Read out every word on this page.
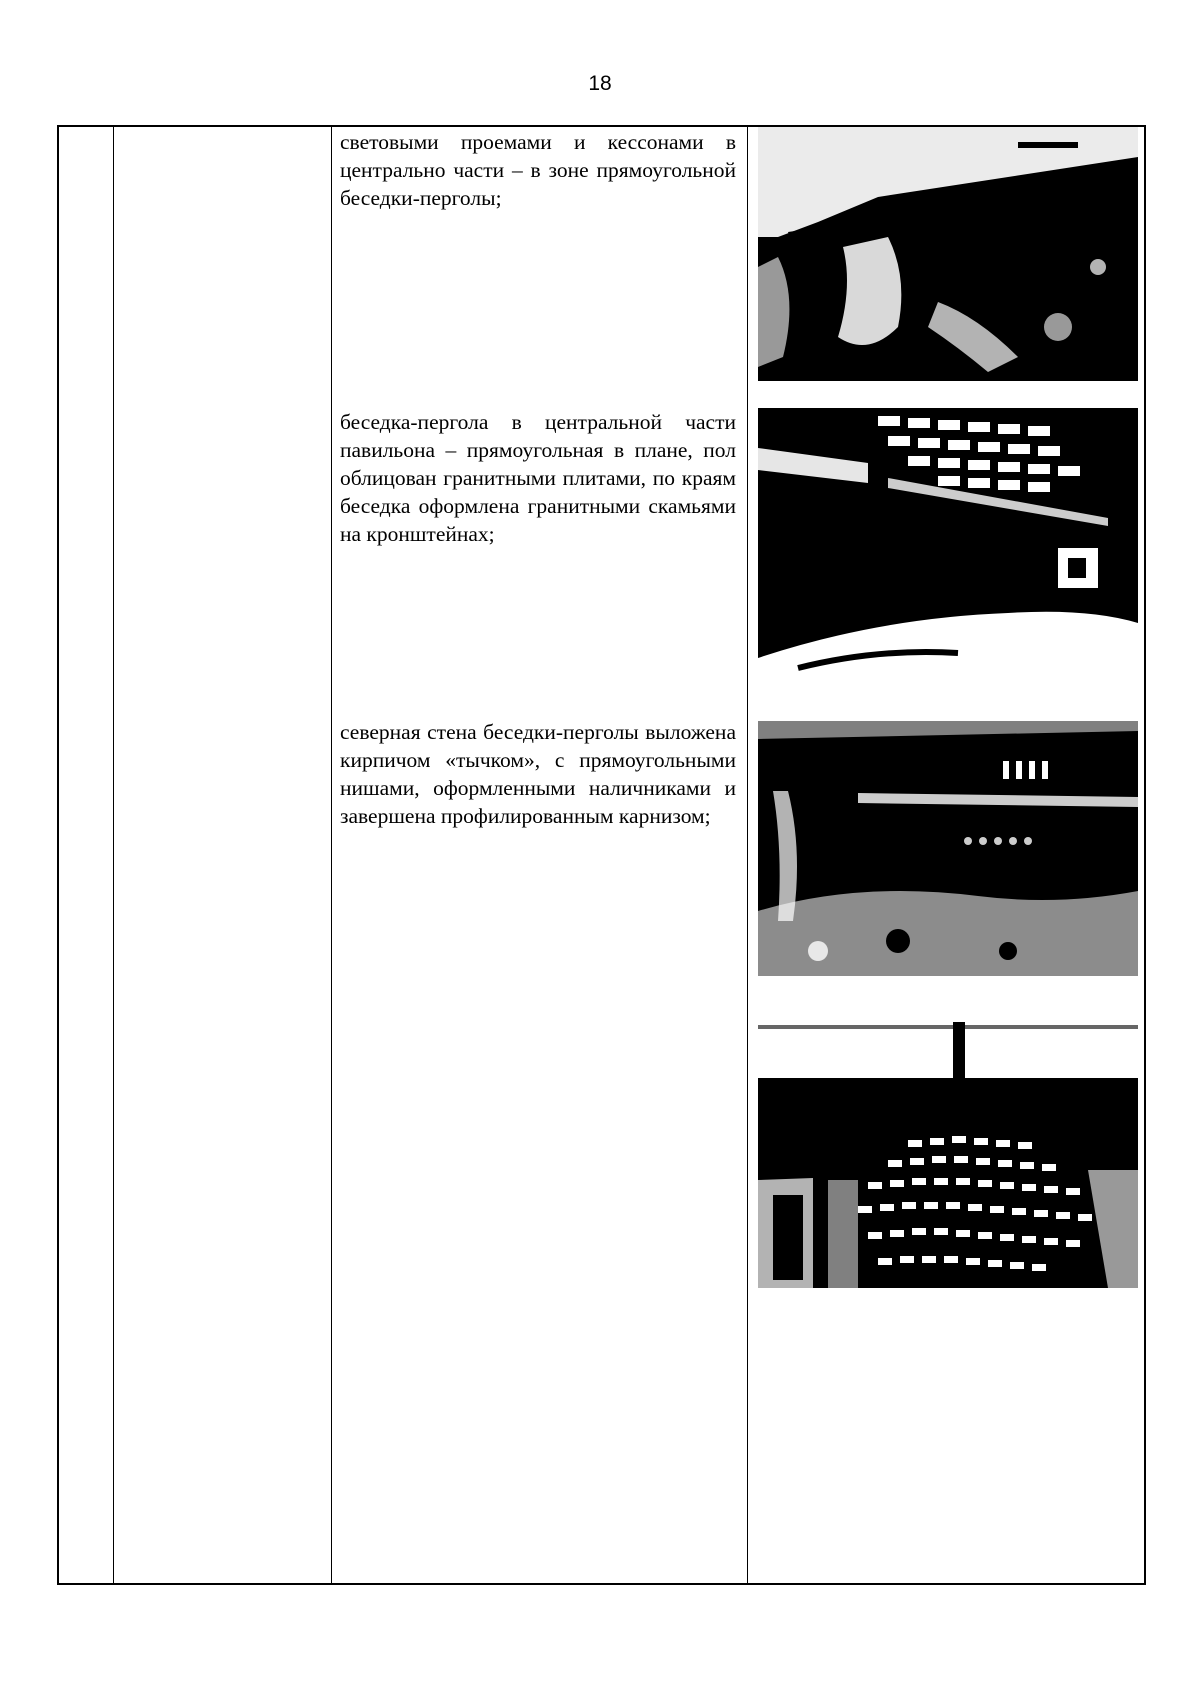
18

световыми проемами и кессонами в центрально части – в зоне прямоугольной беседки-перголы;

беседка-пергола в центральной части павильона – прямоугольная в плане, пол облицован гранитными плитами, по краям беседка оформлена гранитными скамьями на кронштейнах;

северная стена беседки-перголы выложена кирпичом «тычком», с прямоугольными нишами, оформленными наличниками и завершена профилированным карнизом;
